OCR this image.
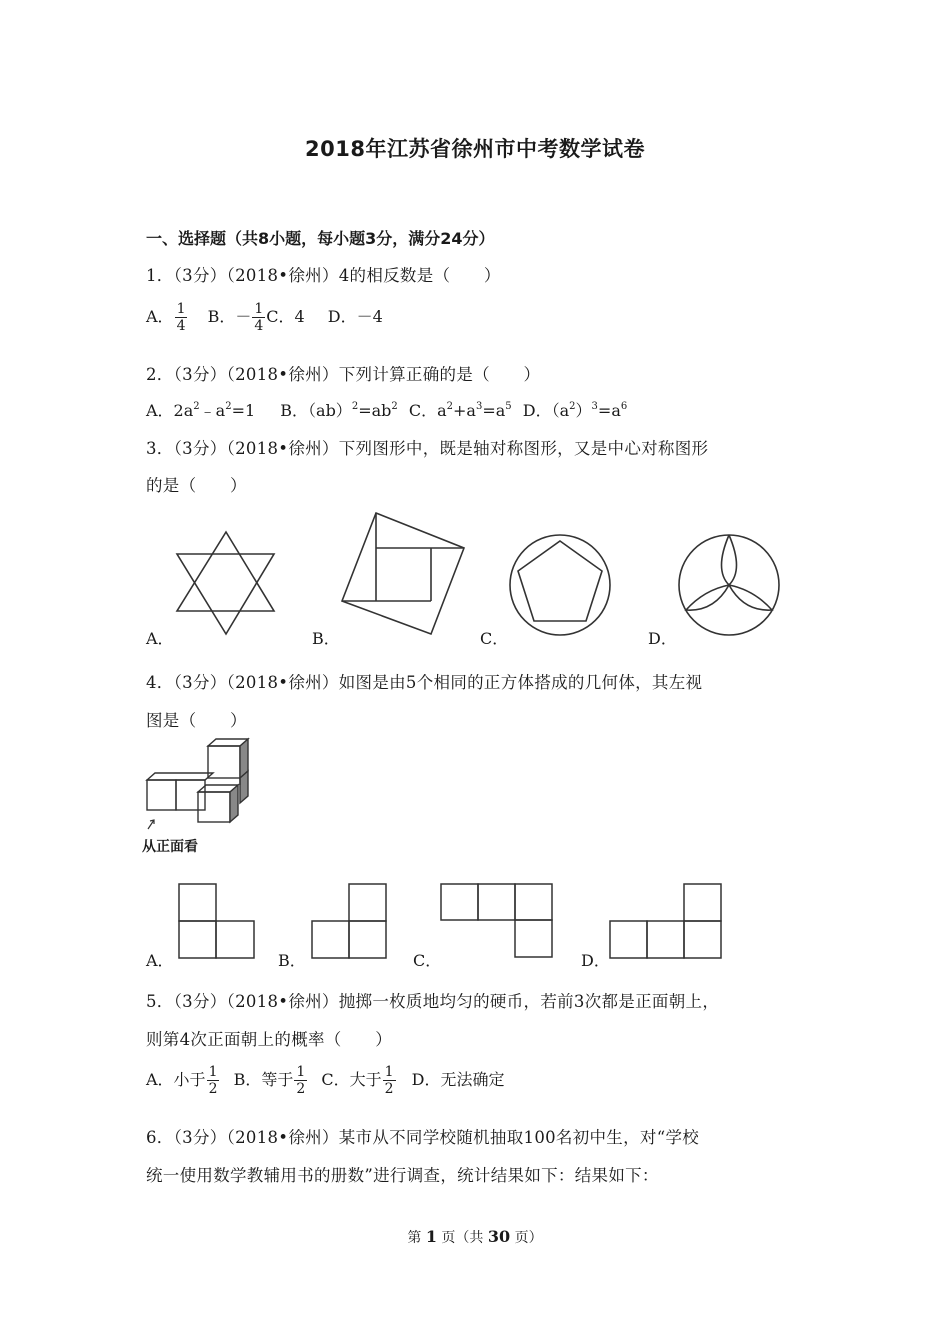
2018年江苏省徐州市中考数学试卷
一、选择题（共8小题，每小题3分，满分24分）
1．（3分）（2018•徐州）4的相反数是（　　）
A． $\frac{1}{4}$ B．－ $\frac{1}{4}$ C．4 D．－4
2．（3分）（2018•徐州）下列计算正确的是（　　）
A．$2a^2﹣a^2=1$ B．$(ab)^2=ab^2$ C．$a^2+a^3=a^5$ D．$(a^2)^3=a^6$
3．（3分）（2018•徐州）下列图形中，既是轴对称图形，又是中心对称图形
的是（　　）
A．	B．	C．	D．
4．（3分）（2018•徐州）如图是由5个相同的正方体搭成的几何体，其左视
图是（　　）
从正面看
A．	B．	C．	D．
5．（3分）（2018•徐州）抛掷一枚质地均匀的硬币，若前3次都是正面朝上，
则第4次正面朝上的概率（　　）
A．小于 $\frac{1}{2}$ B．等于 $\frac{1}{2}$ C．大于 $\frac{1}{2}$ D．无法确定
6．（3分）（2018•徐州）某市从不同学校随机抽取100名初中生，对“学校
统一使用数学教辅用书的册数”进行调查，统计结果如下：结果如下：
第 1 页（共 30 页）
